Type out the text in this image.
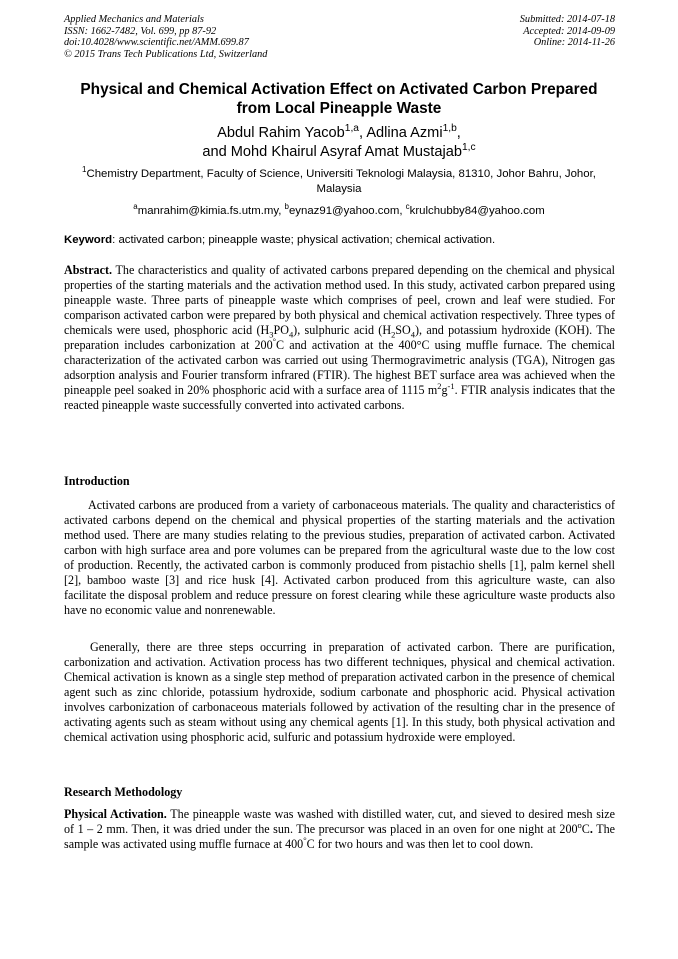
Applied Mechanics and Materials
ISSN: 1662-7482, Vol. 699, pp 87-92
doi:10.4028/www.scientific.net/AMM.699.87
© 2015 Trans Tech Publications Ltd, Switzerland
Submitted: 2014-07-18
Accepted: 2014-09-09
Online: 2014-11-26
Physical and Chemical Activation Effect on Activated Carbon Prepared
from Local Pineapple Waste
Abdul Rahim Yacob$^{1,a}$, Adlina Azmi$^{1,b}$,
and Mohd Khairul Asyraf Amat Mustajab$^{1,c}$
$^1$Chemistry Department, Faculty of Science, Universiti Teknologi Malaysia, 81310, Johor Bahru, Johor, Malaysia
$^a$manrahim@kimia.fs.utm.my, $^b$eynaz91@yahoo.com, $^c$krulchubby84@yahoo.com
Keyword: activated carbon; pineapple waste; physical activation; chemical activation.
Abstract. The characteristics and quality of activated carbons prepared depending on the chemical and physical properties of the starting materials and the activation method used. In this study, activated carbon prepared using pineapple waste. Three parts of pineapple waste which comprises of peel, crown and leaf were studied. For comparison activated carbon were prepared by both physical and chemical activation respectively. Three types of chemicals were used, phosphoric acid $(H_3PO_4)$, sulphuric acid $(H_2SO_4)$, and potassium hydroxide (KOH). The preparation includes carbonization at 200°C and activation at the 400°C using muffle furnace. The chemical characterization of the activated carbon was carried out using Thermogravimetric analysis (TGA), Nitrogen gas adsorption analysis and Fourier transform infrared (FTIR). The highest BET surface area was achieved when the pineapple peel soaked in 20% phosphoric acid with a surface area of 1115 $m^2g^{-1}$. FTIR analysis indicates that the reacted pineapple waste successfully converted into activated carbons.
Introduction
Activated carbons are produced from a variety of carbonaceous materials. The quality and characteristics of activated carbons depend on the chemical and physical properties of the starting materials and the activation method used. There are many studies relating to the previous studies, preparation of activated carbon. Activated carbon with high surface area and pore volumes can be prepared from the agricultural waste due to the low cost of production. Recently, the activated carbon is commonly produced from pistachio shells [1], palm kernel shell [2], bamboo waste [3] and rice husk [4]. Activated carbon produced from this agriculture waste, can also facilitate the disposal problem and reduce pressure on forest clearing while these agriculture waste products also have no economic value and nonrenewable.
Generally, there are three steps occurring in preparation of activated carbon. There are purification, carbonization and activation. Activation process has two different techniques, physical and chemical activation. Chemical activation is known as a single step method of preparation activated carbon in the presence of chemical agent such as zinc chloride, potassium hydroxide, sodium carbonate and phosphoric acid. Physical activation involves carbonization of carbonaceous materials followed by activation of the resulting char in the presence of activating agents such as steam without using any chemical agents [1]. In this study, both physical activation and chemical activation using phosphoric acid, sulfuric and potassium hydroxide were employed.
Research Methodology
Physical Activation. The pineapple waste was washed with distilled water, cut, and sieved to desired mesh size of 1 – 2 mm. Then, it was dried under the sun. The precursor was placed in an oven for one night at 200$^o$C. The sample was activated using muffle furnace at 400°C for two hours and was then let to cool down.
